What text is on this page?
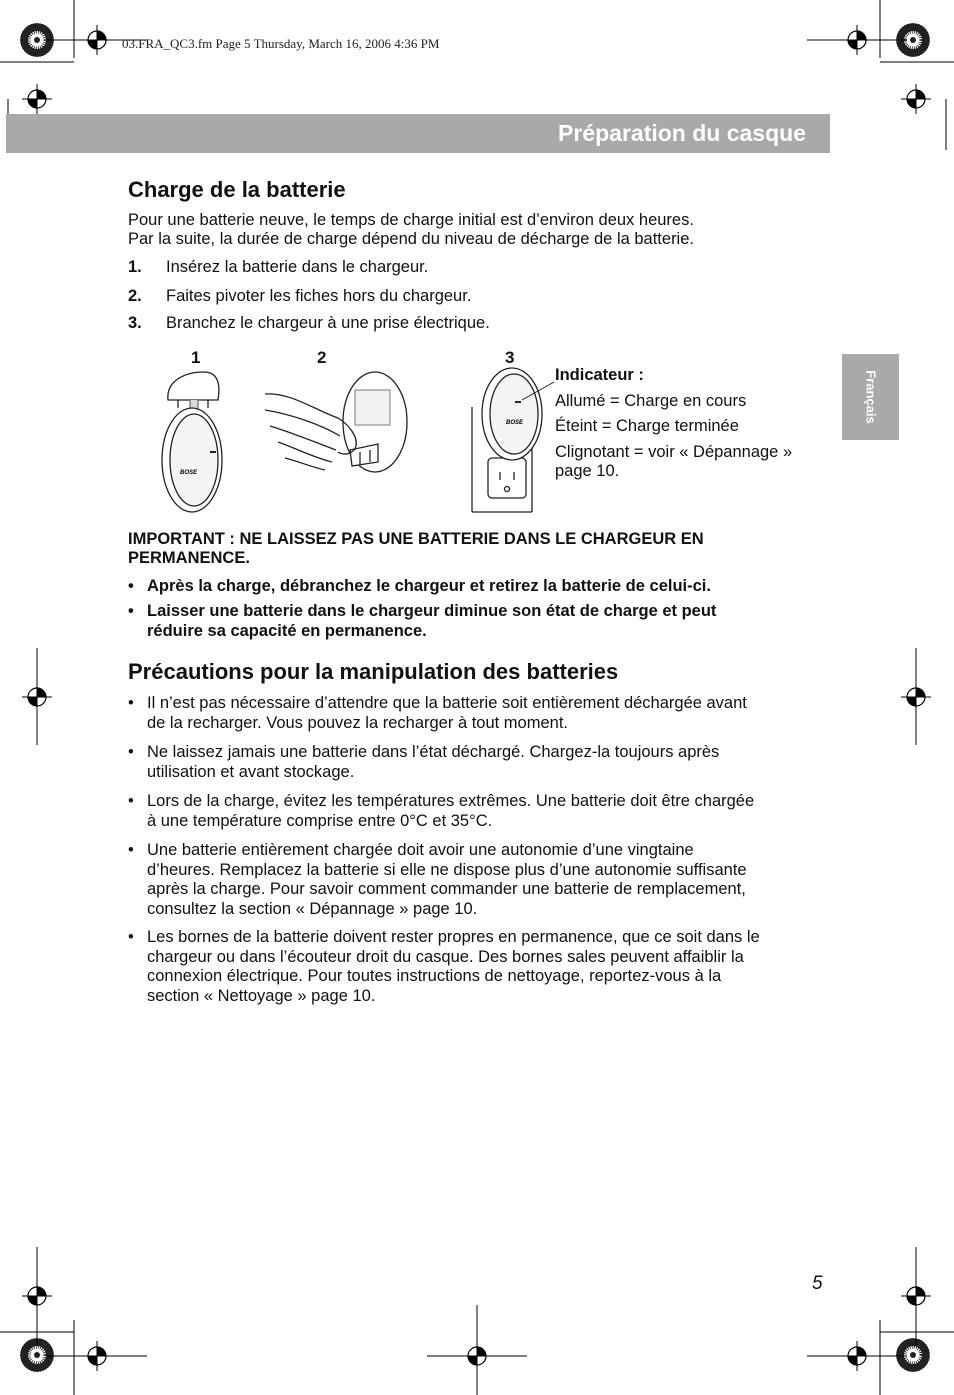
03.FRA_QC3.fm Page 5 Thursday, March 16, 2006 4:36 PM
Préparation du casque
Français
Charge de la batterie
Pour une batterie neuve, le temps de charge initial est d’environ deux heures.
Par la suite, la durée de charge dépend du niveau de décharge de la batterie.
1. Insérez la batterie dans le chargeur.
2. Faites pivoter les fiches hors du chargeur.
3. Branchez le chargeur à une prise électrique.
1	2	3
BOSE
BOSE
Indicateur :
Allumé = Charge en cours
Éteint = Charge terminée
Clignotant = voir « Dépannage »
page 10.
IMPORTANT : NE LAISSEZ PAS UNE BATTERIE DANS LE CHARGEUR EN
PERMANENCE.
• Après la charge, débranchez le chargeur et retirez la batterie de celui-ci.
• Laisser une batterie dans le chargeur diminue son état de charge et peut
réduire sa capacité en permanence.
Précautions pour la manipulation des batteries
• Il n’est pas nécessaire d’attendre que la batterie soit entièrement déchargée avant
de la recharger. Vous pouvez la recharger à tout moment.
• Ne laissez jamais une batterie dans l’état déchargé. Chargez-la toujours après
utilisation et avant stockage.
• Lors de la charge, évitez les températures extrêmes. Une batterie doit être chargée
à une température comprise entre 0°C et 35°C.
• Une batterie entièrement chargée doit avoir une autonomie d’une vingtaine
d’heures. Remplacez la batterie si elle ne dispose plus d’une autonomie suffisante
après la charge. Pour savoir comment commander une batterie de remplacement,
consultez la section « Dépannage » page 10.
• Les bornes de la batterie doivent rester propres en permanence, que ce soit dans le
chargeur ou dans l’écouteur droit du casque. Des bornes sales peuvent affaiblir la
connexion électrique. Pour toutes instructions de nettoyage, reportez-vous à la
section « Nettoyage » page 10.
5
